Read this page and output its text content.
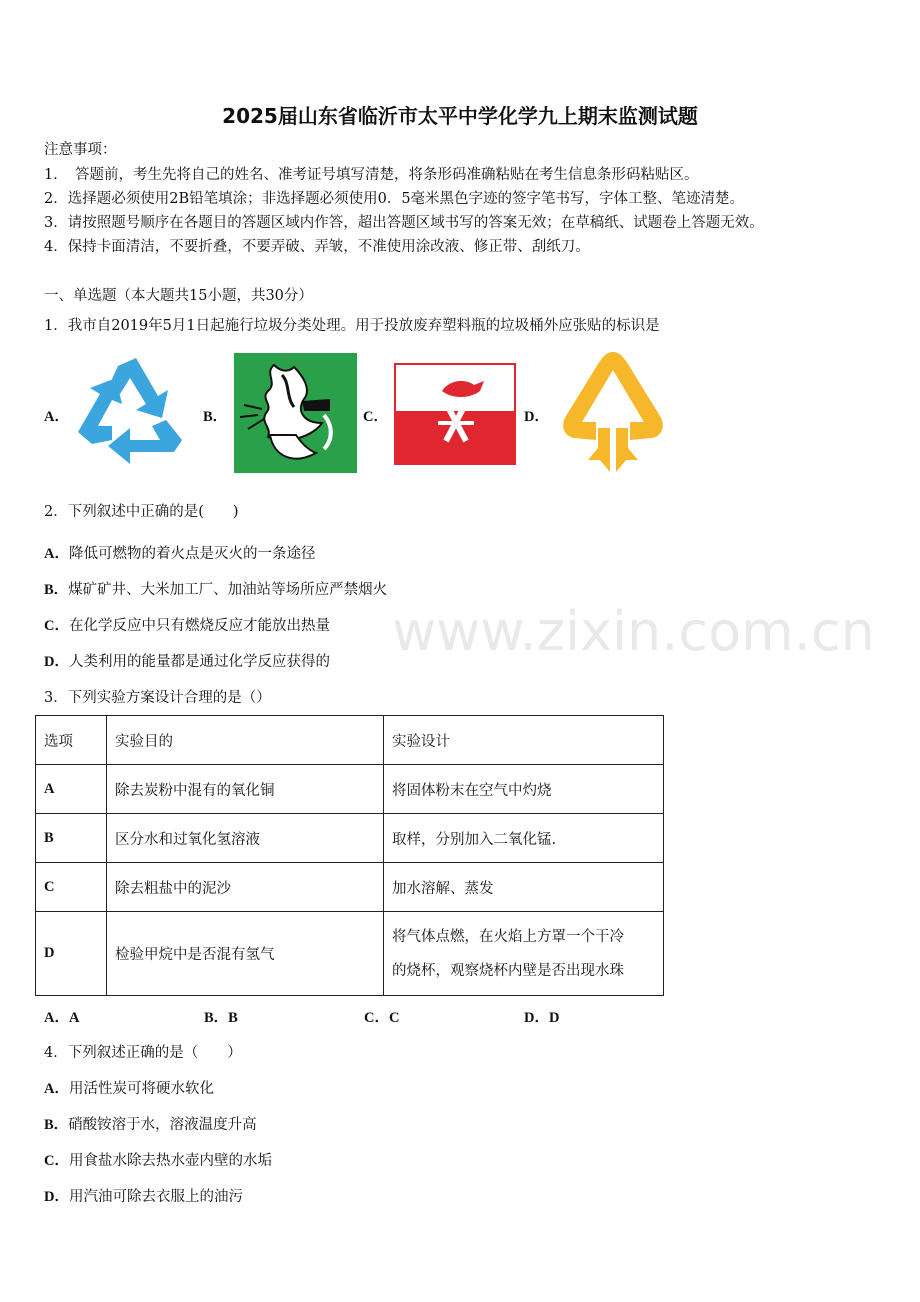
2025届山东省临沂市太平中学化学九上期末监测试题
注意事项：
1．　答题前，考生先将自己的姓名、准考证号填写清楚，将条形码准确粘贴在考生信息条形码粘贴区。
2．选择题必须使用2B铅笔填涂；非选择题必须使用0．5毫米黑色字迹的签字笔书写，字体工整、笔迹清楚。
3．请按照题号顺序在各题目的答题区域内作答，超出答题区域书写的答案无效；在草稿纸、试题卷上答题无效。
4．保持卡面清洁，不要折叠，不要弄破、弄皱，不准使用涂改液、修正带、刮纸刀。
一、单选题（本大题共15小题，共30分）
1．我市自2019年5月1日起施行垃圾分类处理。用于投放废弃塑料瓶的垃圾桶外应张贴的标识是
A．	B．	C．	D．
2．下列叙述中正确的是(　　)
A．降低可燃物的着火点是灭火的一条途径
B．煤矿矿井、大米加工厂、加油站等场所应严禁烟火
C．在化学反应中只有燃烧反应才能放出热量
D．人类利用的能量都是通过化学反应获得的 www.zixin.com.cn
3．下列实验方案设计合理的是（）
选项	实验目的	实验设计
A	除去炭粉中混有的氧化铜	将固体粉末在空气中灼烧
B	区分水和过氧化氢溶液	取样，分别加入二氧化锰.
C	除去粗盐中的泥沙	加水溶解、蒸发
D	检验甲烷中是否混有氢气	将气体点燃，在火焰上方罩一个干冷
的烧杯，观察烧杯内壁是否出现水珠
A．A	B．B	C．C	D．D
4．下列叙述正确的是（　　）
A．用活性炭可将硬水软化
B．硝酸铵溶于水，溶液温度升高
C．用食盐水除去热水壶内壁的水垢
D．用汽油可除去衣服上的油污
